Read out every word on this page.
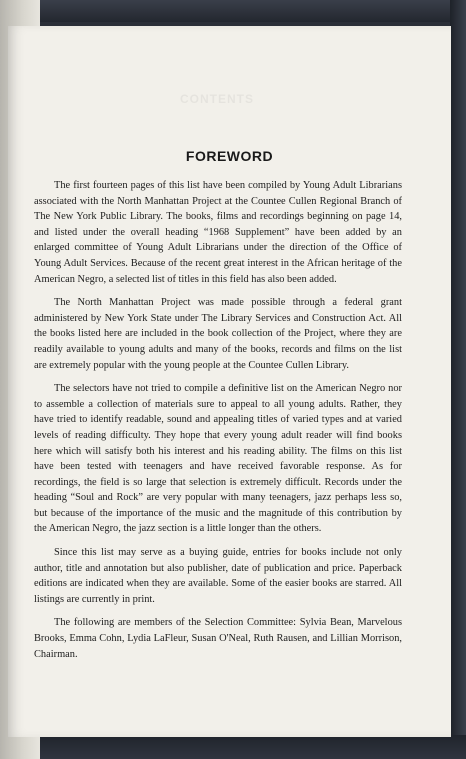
CONTENTS
FOREWORD

The first fourteen pages of this list have been compiled by Young Adult Librarians associated with the North Manhattan Project at the Countee Cullen Regional Branch of The New York Public Library. The books, films and recordings beginning on page 14, and listed under the overall heading “1968 Supplement” have been added by an enlarged committee of Young Adult Librarians under the direction of the Office of Young Adult Services. Because of the recent great interest in the African heritage of the American Negro, a selected list of titles in this field has also been added.

The North Manhattan Project was made possible through a federal grant administered by New York State under The Library Services and Construction Act. All the books listed here are included in the book collection of the Project, where they are readily available to young adults and many of the books, records and films on the list are extremely popular with the young people at the Countee Cullen Library.

The selectors have not tried to compile a definitive list on the American Negro nor to assemble a collection of materials sure to appeal to all young adults. Rather, they have tried to identify readable, sound and appealing titles of varied types and at varied levels of reading difficulty. They hope that every young adult reader will find books here which will satisfy both his interest and his reading ability. The films on this list have been tested with teenagers and have received favorable response. As for recordings, the field is so large that selection is extremely difficult. Records under the heading “Soul and Rock” are very popular with many teenagers, jazz perhaps less so, but because of the importance of the music and the magnitude of this contribution by the American Negro, the jazz section is a little longer than the others.

Since this list may serve as a buying guide, entries for books include not only author, title and annotation but also publisher, date of publication and price. Paperback editions are indicated when they are available. Some of the easier books are starred. All listings are currently in print.

The following are members of the Selection Committee: Sylvia Bean, Marvelous Brooks, Emma Cohn, Lydia LaFleur, Susan O'Neal, Ruth Rausen, and Lillian Morrison, Chairman.
